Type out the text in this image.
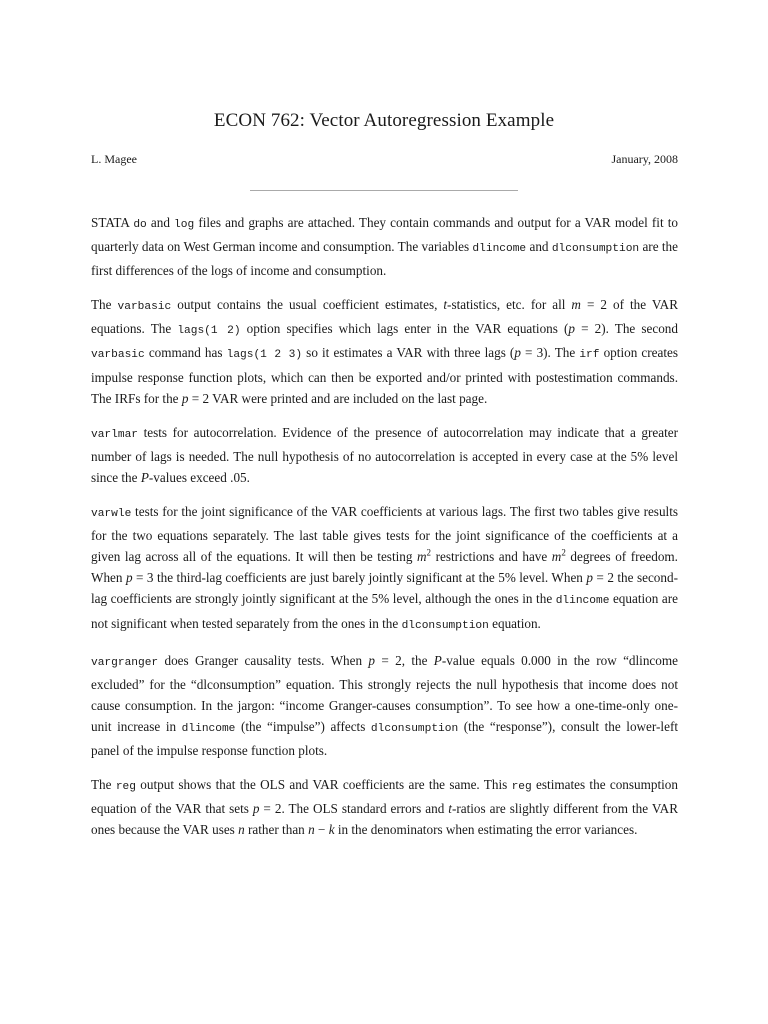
ECON 762: Vector Autoregression Example
L. Magee	January, 2008

STATA do and log files and graphs are attached. They contain commands and output for a VAR model fit to quarterly data on West German income and consumption. The variables dlincome and dlconsumption are the first differences of the logs of income and consumption.

The varbasic output contains the usual coefficient estimates, t-statistics, etc. for all m = 2 of the VAR equations. The lags(1 2) option specifies which lags enter in the VAR equations (p = 2). The second varbasic command has lags(1 2 3) so it estimates a VAR with three lags (p = 3). The irf option creates impulse response function plots, which can then be exported and/or printed with postestimation commands. The IRFs for the p = 2 VAR were printed and are included on the last page.

varlmar tests for autocorrelation. Evidence of the presence of autocorrelation may indicate that a greater number of lags is needed. The null hypothesis of no autocorrelation is accepted in every case at the 5% level since the P-values exceed .05.

varwle tests for the joint significance of the VAR coefficients at various lags. The first two tables give results for the two equations separately. The last table gives tests for the joint significance of the coefficients at a given lag across all of the equations. It will then be testing $m^2$ restrictions and have $m^2$ degrees of freedom. When p = 3 the third-lag coefficients are just barely jointly significant at the 5% level. When p = 2 the second-lag coefficients are strongly jointly significant at the 5% level, although the ones in the dlincome equation are not significant when tested separately from the ones in the dlconsumption equation.

vargranger does Granger causality tests. When p = 2, the P-value equals 0.000 in the row “dlincome excluded” for the “dlconsumption” equation. This strongly rejects the null hypothesis that income does not cause consumption. In the jargon: “income Granger-causes consumption”. To see how a one-time-only one-unit increase in dlincome (the “impulse”) affects dlconsumption (the “response”), consult the lower-left panel of the impulse response function plots.

The reg output shows that the OLS and VAR coefficients are the same. This reg estimates the consumption equation of the VAR that sets p = 2. The OLS standard errors and t-ratios are slightly different from the VAR ones because the VAR uses n rather than n − k in the denominators when estimating the error variances.
